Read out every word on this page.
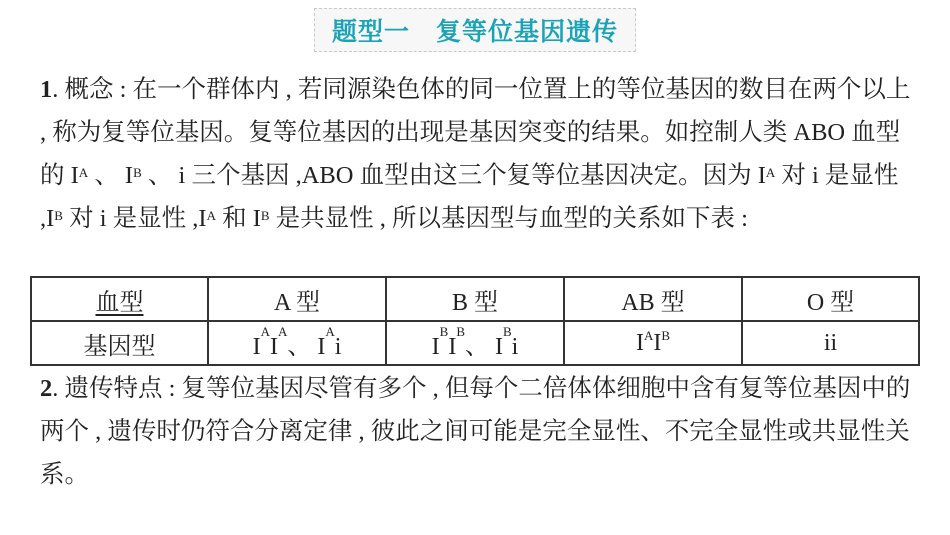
题型一　复等位基因遗传
1. 概念 : 在一个群体内 , 若同源染色体的同一位置上的等位基因的数目在两个以上 , 称为复等位基因。复等位基因的出现是基因突变的结果。如控制人类 ABO 血型的 $I^A$ 、 $I^B$ 、 i 三个基因 ,ABO 血型由这三个复等位基因决定。因为 $I^A$ 对 i 是显性 $,I^B$ 对 i 是显性 $,I^A$ 和 $I^B$ 是共显性 , 所以基因型与血型的关系如下表 :
血型	A 型	B 型	AB 型	O 型
基因型	$I^AI^A$、 $I^Ai$	$I^BI^B$、 $I^Bi$	$I^AI^B$	ii
2. 遗传特点 : 复等位基因尽管有多个 , 但每个二倍体体细胞中含有复等位基因中的两个 , 遗传时仍符合分离定律 , 彼此之间可能是完全显性、不完全显性或共显性关系。
